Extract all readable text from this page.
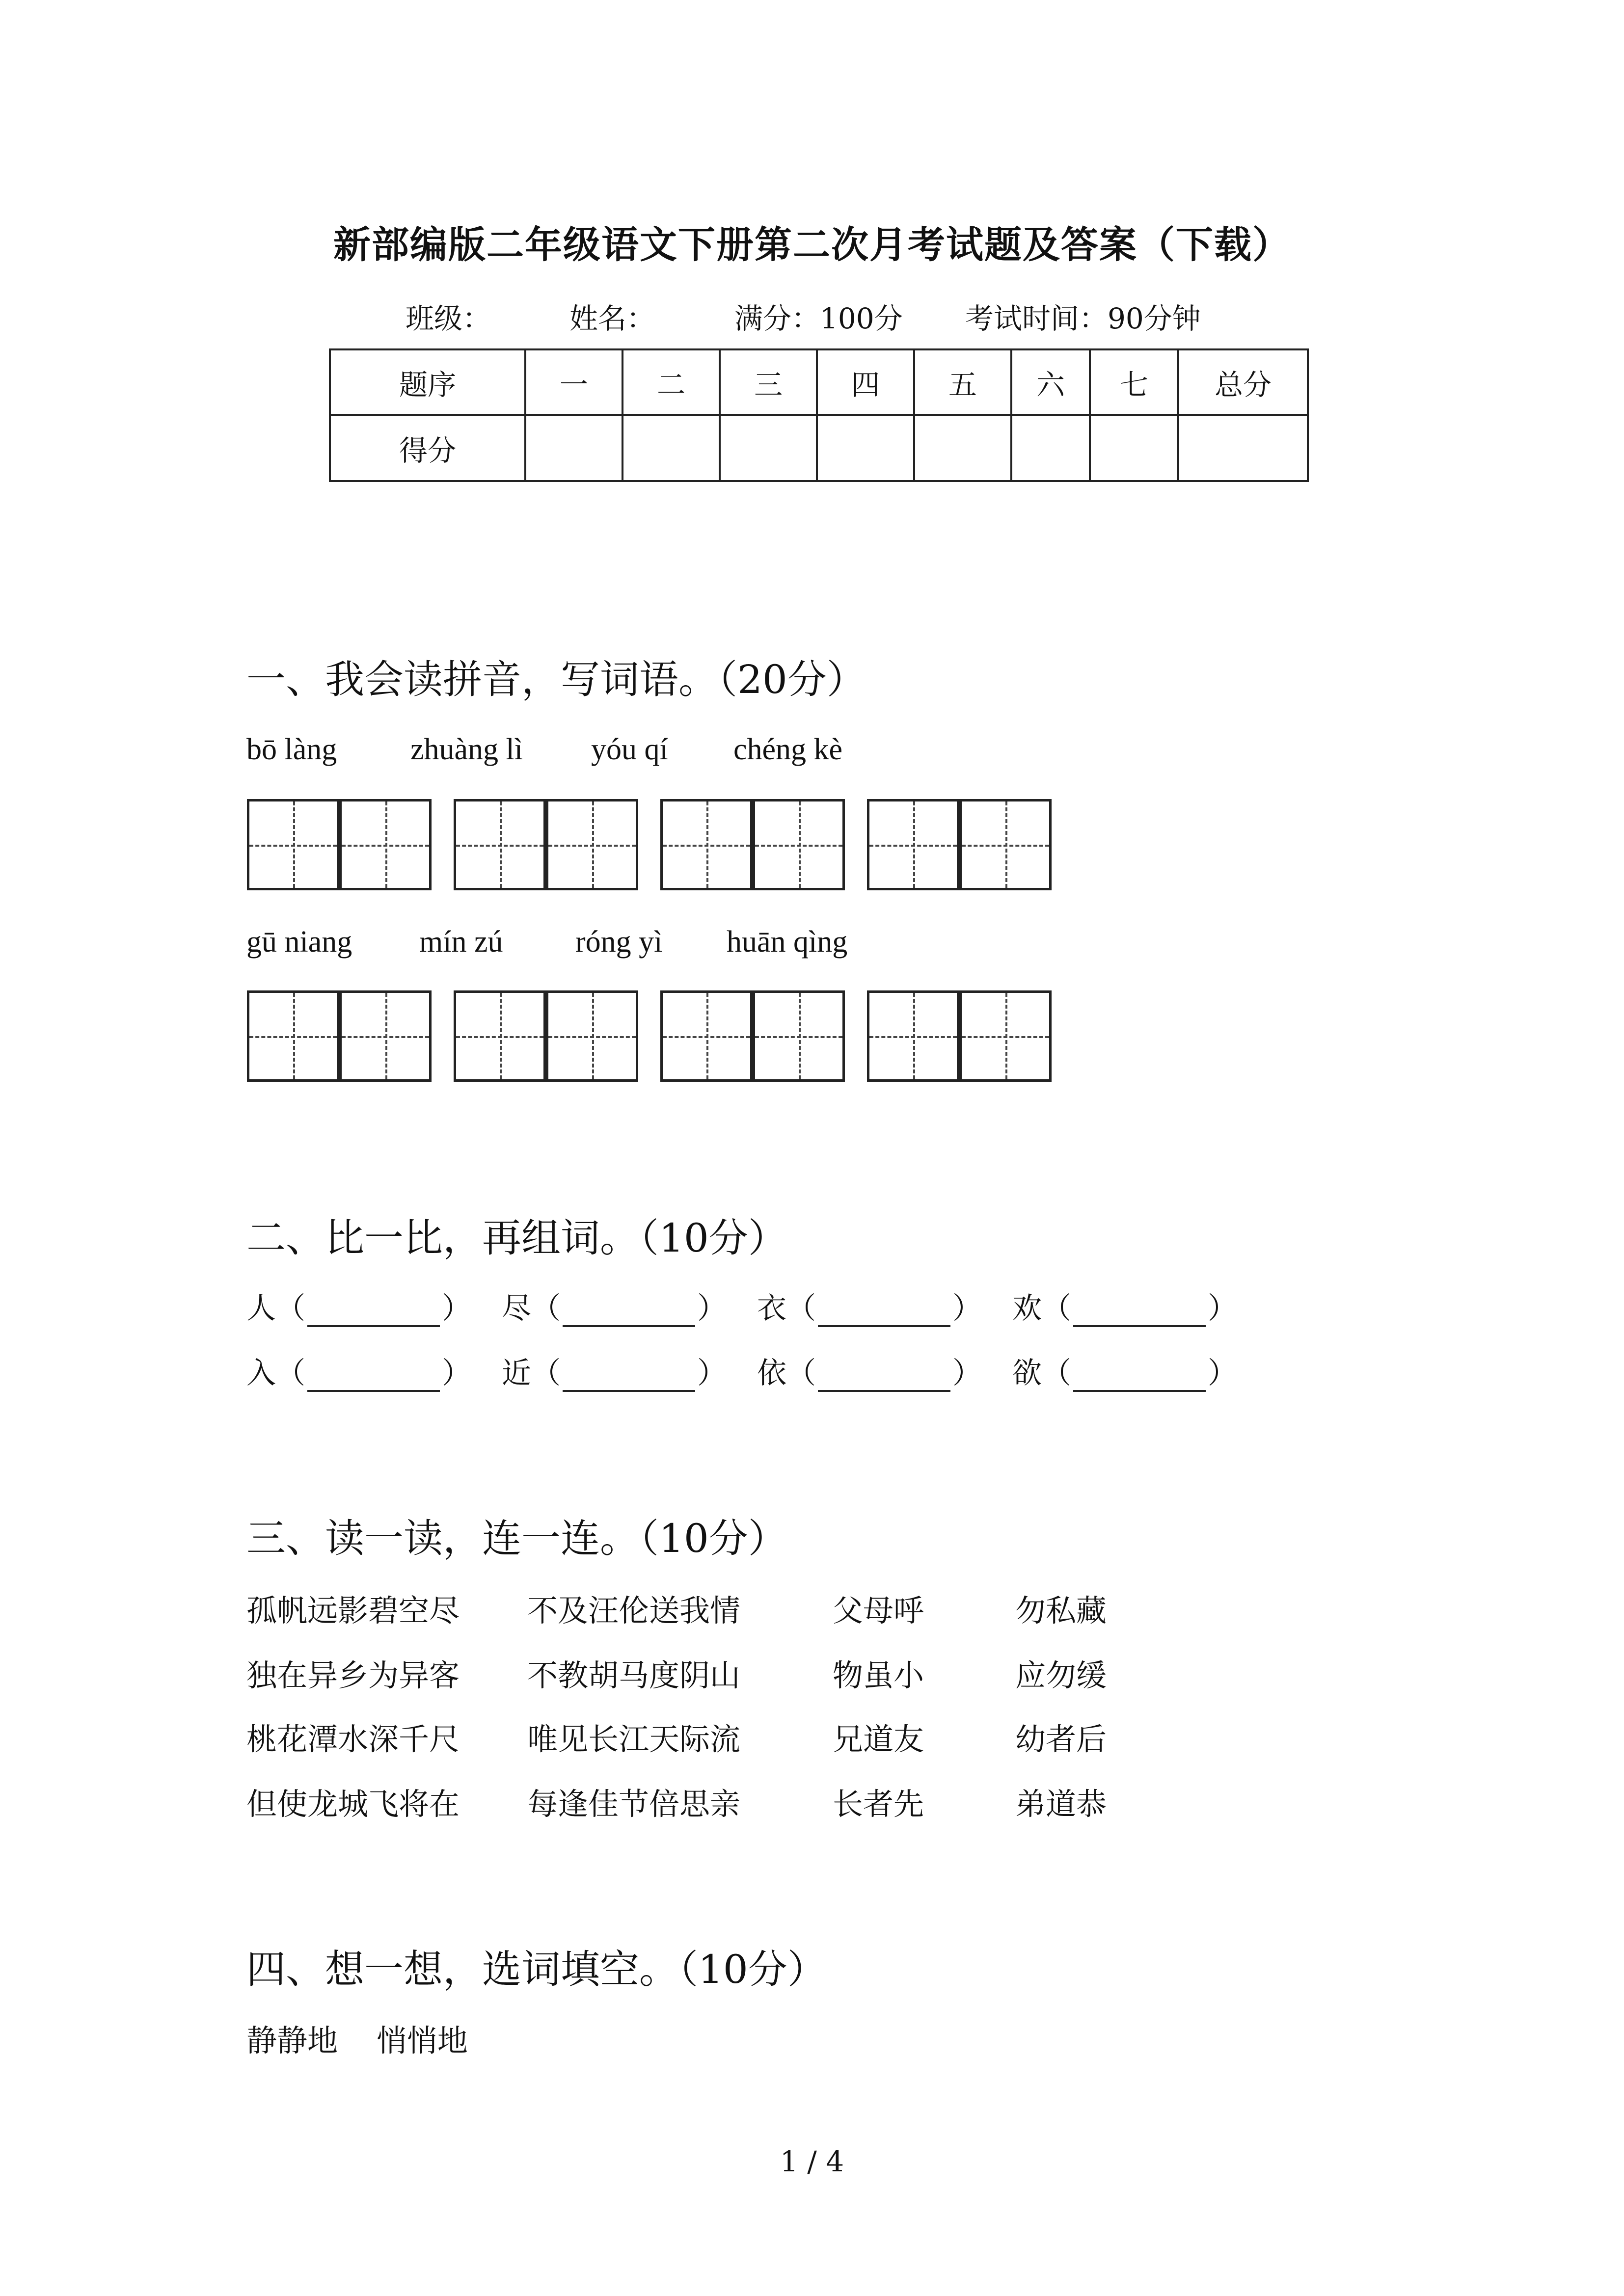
新部编版二年级语文下册第二次月考试题及答案（下载）
班级：	姓名：	满分：100分 考试时间：90分钟
题序	一	二	三	四	五	六	七	总分
得分								
一、我会读拼音，写词语。（20分）
bō làng zhuàng lì yóu qí chéng kè
gū niang mín zú róng yì huān qìng
二、比一比，再组词。（10分）
人（	） 尽（	） 衣（	） 欢（	）
入（	） 近（	） 依（	） 欲（	）
三、读一读，连一连。（10分）
孤帆远影碧空尽 不及汪伦送我情	父母呼	勿私藏
独在异乡为异客 不教胡马度阴山	物虽小	应勿缓
桃花潭水深千尺 唯见长江天际流	兄道友	幼者后
但使龙城飞将在 每逢佳节倍思亲	长者先	弟道恭
四、想一想，选词填空。（10分）
静静地    悄悄地
1 / 4
